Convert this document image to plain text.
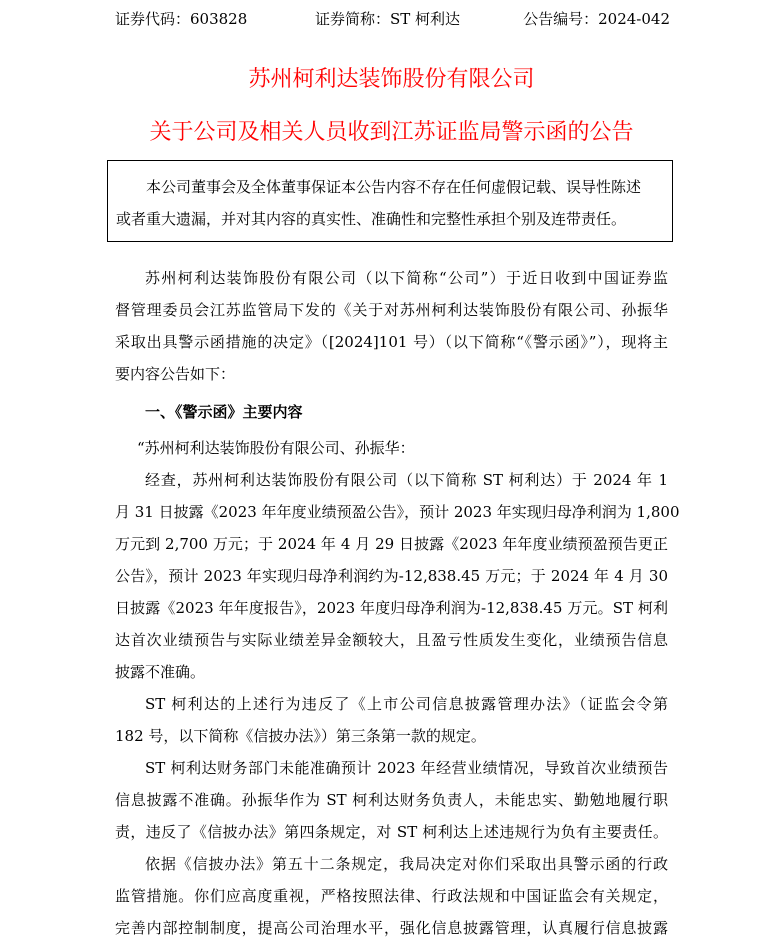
证券代码：603828	证券简称：ST 柯利达	公告编号：2024-042
苏州柯利达装饰股份有限公司
关于公司及相关人员收到江苏证监局警示函的公告

本公司董事会及全体董事保证本公告内容不存在任何虚假记载、误导性陈述

或者重大遗漏，并对其内容的真实性、准确性和完整性承担个别及连带责任。

苏州柯利达装饰股份有限公司（以下简称“公司”）于近日收到中国证券监
督管理委员会江苏监管局下发的《关于对苏州柯利达装饰股份有限公司、孙振华
采取出具警示函措施的决定》（[2024]101 号）（以下简称“《警示函》”），现将主
要内容公告如下：
一、《警示函》主要内容
“苏州柯利达装饰股份有限公司、孙振华：
经查，苏州柯利达装饰股份有限公司（以下简称 ST 柯利达）于 2024 年 1
月 31 日披露《2023 年年度业绩预盈公告》，预计 2023 年实现归母净利润为 1,800
万元到 2,700 万元；于 2024 年 4 月 29 日披露《2023 年年度业绩预盈预告更正
公告》，预计 2023 年实现归母净利润约为-12,838.45 万元；于 2024 年 4 月 30
日披露《2023 年年度报告》，2023 年度归母净利润为-12,838.45 万元。ST 柯利
达首次业绩预告与实际业绩差异金额较大，且盈亏性质发生变化，业绩预告信息
披露不准确。
ST 柯利达的上述行为违反了《上市公司信息披露管理办法》（证监会令第
182 号，以下简称《信披办法》）第三条第一款的规定。
ST 柯利达财务部门未能准确预计 2023 年经营业绩情况，导致首次业绩预告
信息披露不准确。孙振华作为 ST 柯利达财务负责人，未能忠实、勤勉地履行职
责，违反了《信披办法》第四条规定，对 ST 柯利达上述违规行为负有主要责任。
依据《信披办法》第五十二条规定，我局决定对你们采取出具警示函的行政
监管措施。你们应高度重视，严格按照法律、行政法规和中国证监会有关规定，
完善内部控制制度，提高公司治理水平，强化信息披露管理，认真履行信息披露
